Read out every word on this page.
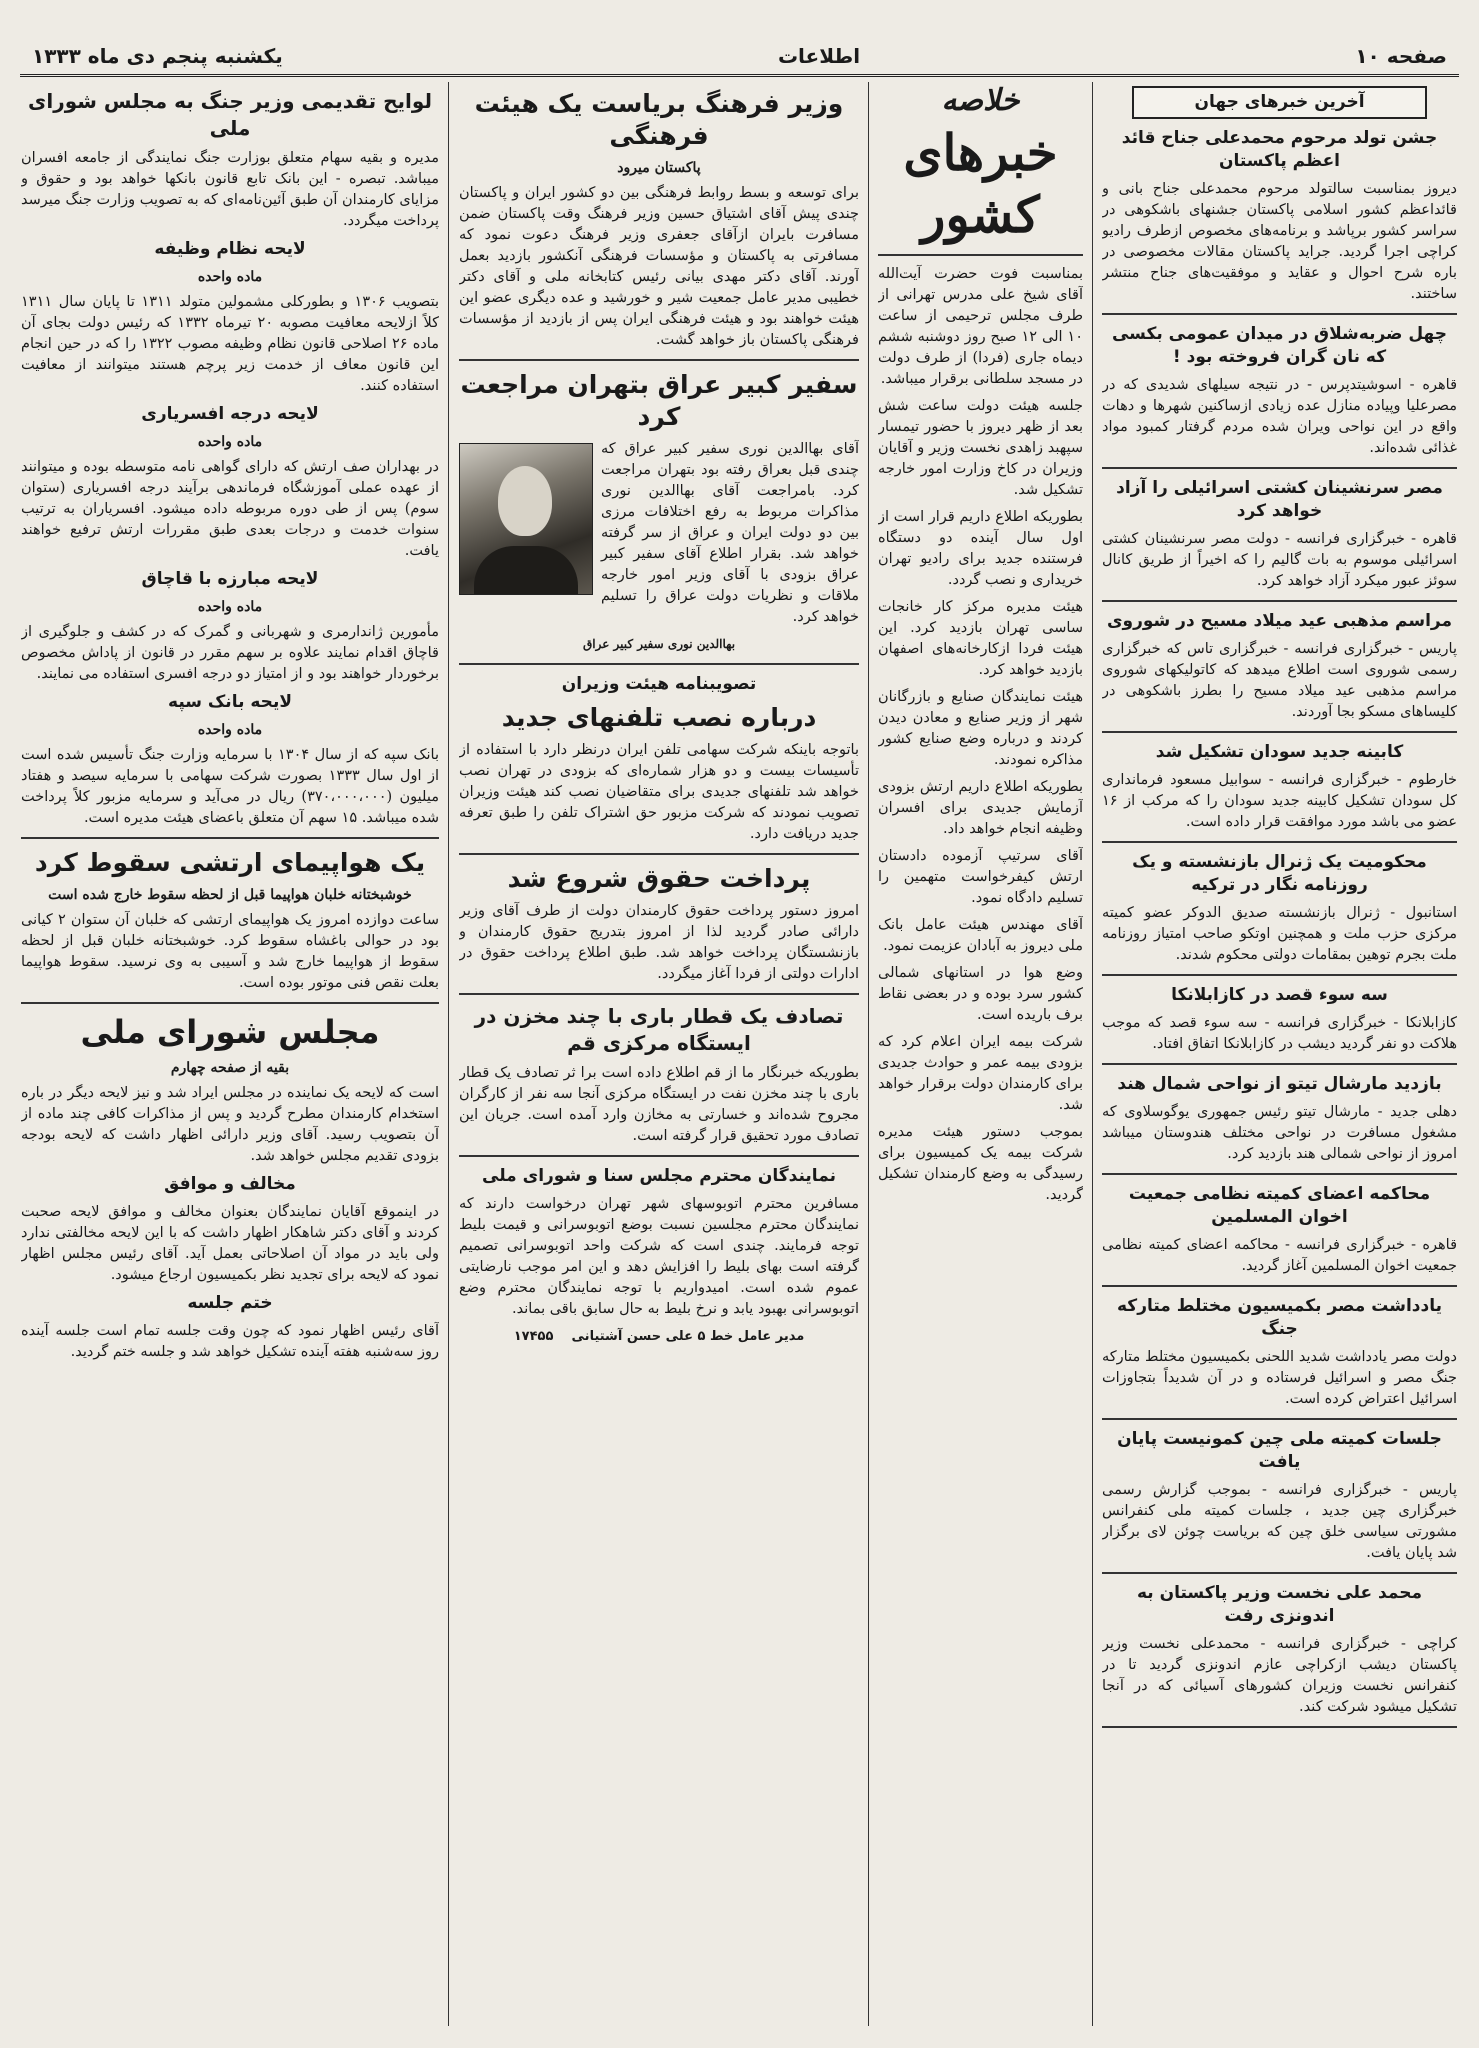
صفحه ۱۰
اطلاعات
یکشنبه پنجم دی ماه ۱۳۳۳
آخرین خبرهای جهان
جشن تولد مرحوم محمدعلی جناح قائد اعظم پاکستان

دیروز بمناسبت سالتولد مرحوم محمدعلی جناح بانی و قائداعظم کشور اسلامی پاکستان جشنهای باشکوهی در سراسر کشور برپاشد و برنامه‌های مخصوص ازطرف رادیو کراچی اجرا گردید. جراید پاکستان مقالات مخصوصی در باره شرح احوال و عقاید و موفقیت‌های جناح منتشر ساختند.

چهل ضربه‌شلاق در میدان عمومی بکسی که نان گران فروخته بود !

قاهره - اسوشیتدپرس - در نتیجه سیلهای شدیدی که در مصرعلیا وپیاده منازل عده زیادی ازساکنین شهرها و دهات واقع در این نواحی ویران شده مردم گرفتار کمبود مواد غذائی شده‌اند.

مصر سرنشینان کشتی اسرائیلی را آزاد خواهد کرد

قاهره - خبرگزاری فرانسه - دولت مصر سرنشینان کشتی اسرائیلی موسوم به بات گالیم را که اخیراً از طریق کانال سوئز عبور میکرد آزاد خواهد کرد.

مراسم مذهبی عید میلاد مسیح در شوروی

پاریس - خبرگزاری فرانسه - خبرگزاری تاس که خبرگزاری رسمی شوروی است اطلاع میدهد که کاتولیکهای شوروی مراسم مذهبی عید میلاد مسیح را بطرز باشکوهی در کلیساهای مسکو بجا آوردند.

کابینه جدید سودان تشکیل شد

خارطوم - خبرگزاری فرانسه - سوابیل مسعود فرمانداری کل سودان تشکیل کابینه جدید سودان را که مرکب از ۱۶ عضو می باشد مورد موافقت قرار داده است.

محکومیت یک ژنرال بازنشسته و یک روزنامه نگار در ترکیه

استانبول - ژنرال بازنشسته صدیق الدوکر عضو کمیته مرکزی حزب ملت و همچنین اوتکو صاحب امتیاز روزنامه ملت بجرم توهین بمقامات دولتی محکوم شدند.

سه سوء قصد در کازابلانکا

کازابلانکا - خبرگزاری فرانسه - سه سوء قصد که موجب هلاکت دو نفر گردید دیشب در کازابلانکا اتفاق افتاد.

بازدید مارشال تیتو از نواحی شمال هند

دهلی جدید - مارشال تیتو رئیس جمهوری یوگوسلاوی که مشغول مسافرت در نواحی مختلف هندوستان میباشد امروز از نواحی شمالی هند بازدید کرد.

محاکمه اعضای کمیته نظامی جمعیت اخوان المسلمین

قاهره - خبرگزاری فرانسه - محاکمه اعضای کمیته نظامی جمعیت اخوان المسلمین آغاز گردید.

یادداشت مصر بکمیسیون مختلط متارکه جنگ

دولت مصر یادداشت شدید اللحنی بکمیسیون مختلط متارکه جنگ مصر و اسرائیل فرستاده و در آن شدیداً بتجاوزات اسرائیل اعتراض کرده است.

جلسات کمیته ملی چین کمونیست پایان یافت

پاریس - خبرگزاری فرانسه - بموجب گزارش رسمی خبرگزاری چین جدید ، جلسات کمیته ملی کنفرانس مشورتی سیاسی خلق چین که بریاست چوئن لای برگزار شد پایان یافت.

محمد علی نخست وزیر پاکستان به اندونزی رفت

کراچی - خبرگزاری فرانسه - محمدعلی نخست وزیر پاکستان دیشب ازکراچی عازم اندونزی گردید تا در کنفرانس نخست وزیران کشورهای آسیائی که در آنجا تشکیل میشود شرکت کند.

خلاصه
خبرهای کشور

بمناسبت فوت حضرت آیت‌الله آقای شیخ علی مدرس تهرانی از طرف مجلس ترحیمی از ساعت ۱۰ الی ۱۲ صبح روز دوشنبه ششم دیماه جاری (فردا) از طرف دولت در مسجد سلطانی برقرار میباشد.

جلسه هیئت دولت ساعت شش بعد از ظهر دیروز با حضور تیمسار سپهبد زاهدی نخست وزیر و آقایان وزیران در کاخ وزارت امور خارجه تشکیل شد.

بطوریکه اطلاع داریم قرار است از اول سال آینده دو دستگاه فرستنده جدید برای رادیو تهران خریداری و نصب گردد.

هیئت مدیره مرکز کار خانجات ساسی تهران بازدید کرد. این هیئت فردا ازکارخانه‌های اصفهان بازدید خواهد کرد.

هیئت نمایندگان صنایع و بازرگانان شهر از وزیر صنایع و معادن دیدن کردند و درباره وضع صنایع کشور مذاکره نمودند.

بطوریکه اطلاع داریم ارتش بزودی آزمایش جدیدی برای افسران وظیفه انجام خواهد داد.

آقای سرتیپ آزموده دادستان ارتش کیفرخواست متهمین را تسلیم دادگاه نمود.

آقای مهندس هیئت عامل بانک ملی دیروز به آبادان عزیمت نمود.

وضع هوا در استانهای شمالی کشور سرد بوده و در بعضی نقاط برف باریده است.

شرکت بیمه ایران اعلام کرد که بزودی بیمه عمر و حوادث جدیدی برای کارمندان دولت برقرار خواهد شد.

بموجب دستور هیئت مدیره شرکت بیمه یک کمیسیون برای رسیدگی به وضع کارمندان تشکیل گردید.

وزیر فرهنگ بریاست یک هیئت فرهنگی
پاکستان میرود

برای توسعه و بسط روابط فرهنگی بین دو کشور ایران و پاکستان چندی پیش آقای اشتیاق حسین وزیر فرهنگ وقت پاکستان ضمن مسافرت بایران ازآقای جعفری وزیر فرهنگ دعوت نمود که مسافرتی به پاکستان و مؤسسات فرهنگی آنکشور بازدید بعمل آورند. آقای دکتر مهدی بیانی رئیس کتابخانه ملی و آقای دکتر خطیبی مدیر عامل جمعیت شیر و خورشید و عده دیگری عضو این هیئت خواهند بود و هیئت فرهنگی ایران پس از بازدید از مؤسسات فرهنگی پاکستان باز خواهد گشت.

سفیر کبیر عراق بتهران مراجعت کرد

آقای بهاالدین نوری سفیر کبیر عراق که چندی قبل بعراق رفته بود بتهران مراجعت کرد. بامراجعت آقای بهاالدین نوری مذاکرات مربوط به رفع اختلافات مرزی بین دو دولت ایران و عراق از سر گرفته خواهد شد. بقرار اطلاع آقای سفیر کبیر عراق بزودی با آقای وزیر امور خارجه ملاقات و نظریات دولت عراق را تسلیم خواهد کرد.

بهاالدین نوری سفیر کبیر عراق
تصویبنامه هیئت وزیران
درباره نصب تلفنهای جدید

باتوجه باینکه شرکت سهامی تلفن ایران درنظر دارد با استفاده از تأسیسات بیست و دو هزار شماره‌ای که بزودی در تهران نصب خواهد شد تلفنهای جدیدی برای متقاضیان نصب کند هیئت وزیران تصویب نمودند که شرکت مزبور حق اشتراک تلفن را طبق تعرفه جدید دریافت دارد.

پرداخت حقوق شروع شد

امروز دستور پرداخت حقوق کارمندان دولت از طرف آقای وزیر دارائی صادر گردید لذا از امروز بتدریج حقوق کارمندان و بازنشستگان پرداخت خواهد شد. طبق اطلاع پرداخت حقوق در ادارات دولتی از فردا آغاز میگردد.

تصادف یک قطار باری با چند مخزن در ایستگاه مرکزی قم

بطوریکه خبرنگار ما از قم اطلاع داده است برا ثر تصادف یک قطار باری با چند مخزن نفت در ایستگاه مرکزی آنجا سه نفر از کارگران مجروح شده‌اند و خسارتی به مخازن وارد آمده است. جریان این تصادف مورد تحقیق قرار گرفته است.

نمایندگان محترم مجلس سنا و شورای ملی

مسافرین محترم اتوبوسهای شهر تهران درخواست دارند که نمایندگان محترم مجلسین نسبت بوضع اتوبوسرانی و قیمت بلیط توجه فرمایند. چندی است که شرکت واحد اتوبوسرانی تصمیم گرفته است بهای بلیط را افزایش دهد و این امر موجب نارضایتی عموم شده است. امیدواریم با توجه نمایندگان محترم وضع اتوبوسرانی بهبود یابد و نرخ بلیط به حال سابق باقی بماند.

مدیر عامل خط ۵ علی حسن آشتیانی    ۱۷۴۵۵
لوایح تقدیمی وزیر جنگ به مجلس شورای ملی

مدیره و بقیه سهام متعلق بوزارت جنگ نمایندگی از جامعه افسران میباشد. تبصره - این بانک تابع قانون بانکها خواهد بود و حقوق و مزایای کارمندان آن طبق آئین‌نامه‌ای که به تصویب وزارت جنگ میرسد پرداخت میگردد.

لایحه نظام وظیفه
ماده واحده

بتصویب ۱۳۰۶ و بطورکلی مشمولین متولد ۱۳۱۱ تا پایان سال ۱۳۱۱ کلاً ازلایحه معافیت مصوبه ۲۰ تیرماه ۱۳۳۲ که رئیس دولت بجای آن ماده ۲۶ اصلاحی قانون نظام وظیفه مصوب ۱۳۲۲ را که در حین انجام این قانون معاف از خدمت زیر پرچم هستند میتوانند از معافیت استفاده کنند.

لایحه درجه افسریاری
ماده واحده

در بهداران صف ارتش که دارای گواهی نامه متوسطه بوده و میتوانند از عهده عملی آموزشگاه فرماندهی برآیند درجه افسریاری (ستوان سوم) پس از طی دوره مربوطه داده میشود. افسریاران به ترتیب سنوات خدمت و درجات بعدی طبق مقررات ارتش ترفیع خواهند یافت.

لایحه مبارزه با قاچاق
ماده واحده

مأمورین ژاندارمری و شهربانی و گمرک که در کشف و جلوگیری از قاچاق اقدام نمایند علاوه بر سهم مقرر در قانون از پاداش مخصوص برخوردار خواهند بود و از امتیاز دو درجه افسری استفاده می نمایند.

لایحه بانک سپه
ماده واحده

بانک سپه که از سال ۱۳۰۴ با سرمایه وزارت جنگ تأسیس شده است از اول سال ۱۳۳۳ بصورت شرکت سهامی با سرمایه سیصد و هفتاد میلیون (۳۷۰،۰۰۰،۰۰۰) ریال در می‌آید و سرمایه مزبور کلاً پرداخت شده میباشد. ۱۵ سهم آن متعلق باعضای هیئت مدیره است.

یک هواپیمای ارتشی سقوط کرد
خوشبختانه خلبان هواپیما قبل از لحظه سقوط خارج شده است

ساعت دوازده امروز یک هواپیمای ارتشی که خلبان آن ستوان ۲ کیانی بود در حوالی باغشاه سقوط کرد. خوشبختانه خلبان قبل از لحظه سقوط از هواپیما خارج شد و آسیبی به وی نرسید. سقوط هواپیما بعلت نقص فنی موتور بوده است.

مجلس شورای ملی
بقیه از صفحه چهارم

است که لایحه یک نماینده در مجلس ایراد شد و نیز لایحه دیگر در باره استخدام کارمندان مطرح گردید و پس از مذاکرات کافی چند ماده از آن بتصویب رسید. آقای وزیر دارائی اظهار داشت که لایحه بودجه بزودی تقدیم مجلس خواهد شد.

مخالف و موافق

در اینموقع آقایان نمایندگان بعنوان مخالف و موافق لایحه صحبت کردند و آقای دکتر شاهکار اظهار داشت که با این لایحه مخالفتی ندارد ولی باید در مواد آن اصلاحاتی بعمل آید. آقای رئیس مجلس اظهار نمود که لایحه برای تجدید نظر بکمیسیون ارجاع میشود.

ختم جلسه

آقای رئیس اظهار نمود که چون وقت جلسه تمام است جلسه آینده روز سه‌شنبه هفته آینده تشکیل خواهد شد و جلسه ختم گردید.
